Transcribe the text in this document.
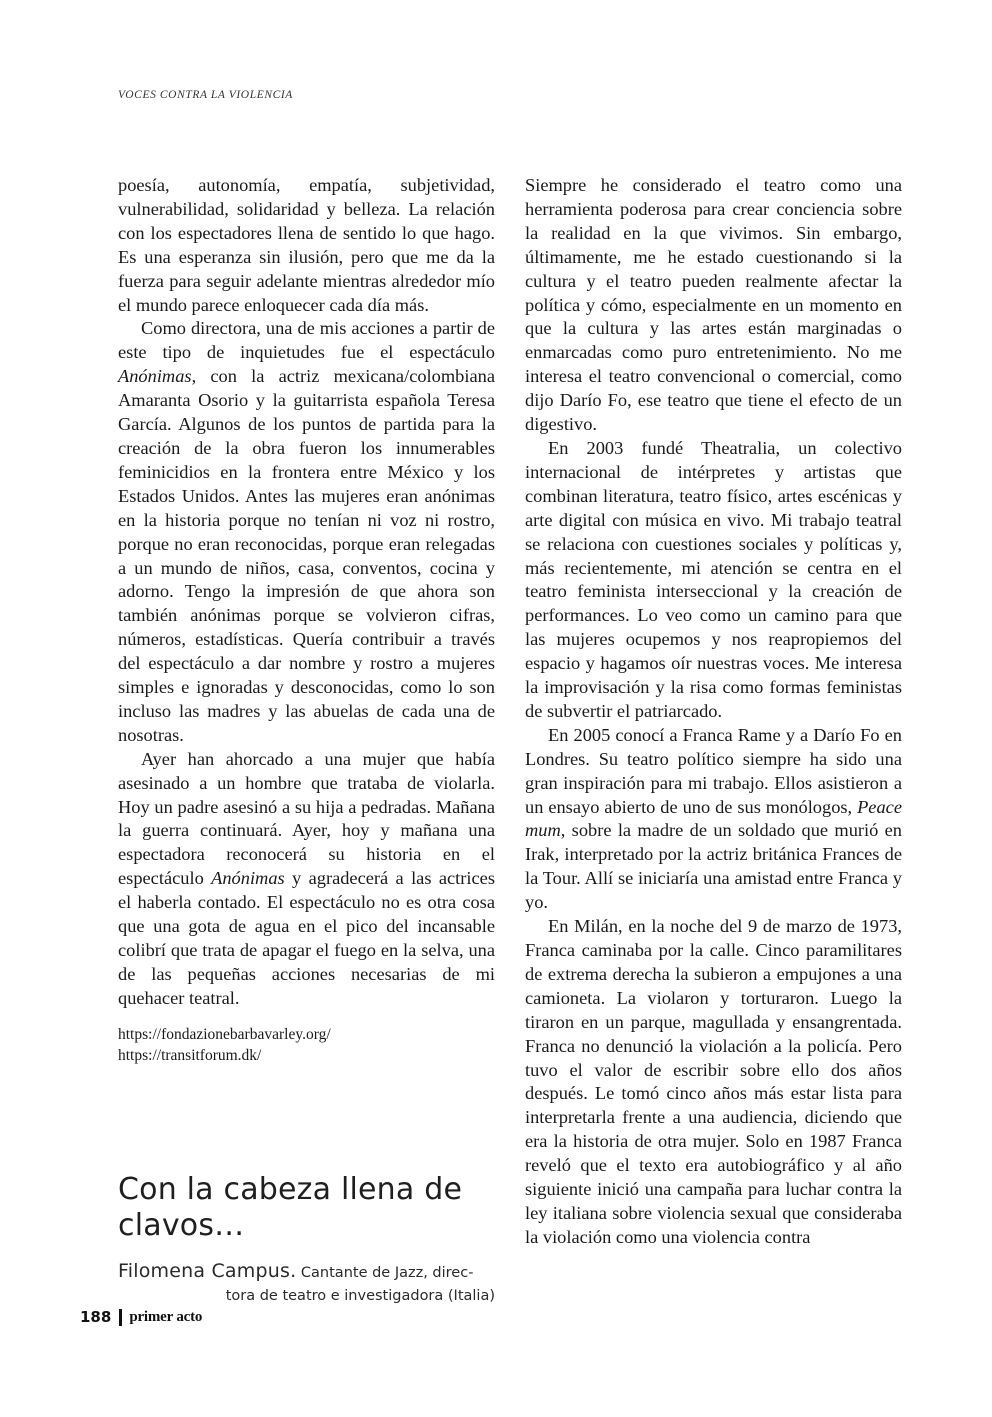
VOCES CONTRA LA VIOLENCIA

poesía, autonomía, empatía, subjetividad, vulnerabilidad, solidaridad y belleza. La relación con los espectadores llena de sentido lo que hago. Es una esperanza sin ilusión, pero que me da la fuerza para seguir adelante mientras alrededor mío el mundo parece enloquecer cada día más.

Como directora, una de mis acciones a partir de este tipo de inquietudes fue el espectáculo Anónimas, con la actriz mexicana/colombiana Amaranta Osorio y la guitarrista española Teresa García. Algunos de los puntos de partida para la creación de la obra fueron los innumerables feminicidios en la frontera entre México y los Estados Unidos. Antes las mujeres eran anónimas en la historia porque no tenían ni voz ni rostro, porque no eran reconocidas, porque eran relegadas a un mundo de niños, casa, conventos, cocina y adorno. Tengo la impresión de que ahora son también anónimas porque se volvieron cifras, números, estadísticas. Quería contribuir a través del espectáculo a dar nombre y rostro a mujeres simples e ignoradas y desconocidas, como lo son incluso las madres y las abuelas de cada una de nosotras.

Ayer han ahorcado a una mujer que había asesinado a un hombre que trataba de violarla. Hoy un padre asesinó a su hija a pedradas. Mañana la guerra continuará. Ayer, hoy y mañana una espectadora reconocerá su historia en el espectáculo Anónimas y agradecerá a las actrices el haberla contado. El espectáculo no es otra cosa que una gota de agua en el pico del incansable colibrí que trata de apagar el fuego en la selva, una de las pequeñas acciones necesarias de mi quehacer teatral.

https://fondazionebarbavarley.org/
https://transitforum.dk/

Con la cabeza llena de clavos…
Filomena Campus. Cantante de Jazz, direc-
tora de teatro e investigadora (Italia)

Siempre he considerado el teatro como una herramienta poderosa para crear conciencia sobre la realidad en la que vivimos. Sin embargo, últimamente, me he estado cuestionando si la cultura y el teatro pueden realmente afectar la política y cómo, especialmente en un momento en que la cultura y las artes están marginadas o enmarcadas como puro entretenimiento. No me interesa el teatro convencional o comercial, como dijo Darío Fo, ese teatro que tiene el efecto de un digestivo.

En 2003 fundé Theatralia, un colectivo internacional de intérpretes y artistas que combinan literatura, teatro físico, artes escénicas y arte digital con música en vivo. Mi trabajo teatral se relaciona con cuestiones sociales y políticas y, más recientemente, mi atención se centra en el teatro feminista interseccional y la creación de performances. Lo veo como un camino para que las mujeres ocupemos y nos reapropiemos del espacio y hagamos oír nuestras voces. Me interesa la improvisación y la risa como formas feministas de subvertir el patriarcado.

En 2005 conocí a Franca Rame y a Darío Fo en Londres. Su teatro político siempre ha sido una gran inspiración para mi trabajo. Ellos asistieron a un ensayo abierto de uno de sus monólogos, Peace mum, sobre la madre de un soldado que murió en Irak, interpretado por la actriz británica Frances de la Tour. Allí se iniciaría una amistad entre Franca y yo.

En Milán, en la noche del 9 de marzo de 1973, Franca caminaba por la calle. Cinco paramilitares de extrema derecha la subieron a empujones a una camioneta. La violaron y torturaron. Luego la tiraron en un parque, magullada y ensangrentada. Franca no denunció la violación a la policía. Pero tuvo el valor de escribir sobre ello dos años después. Le tomó cinco años más estar lista para interpretarla frente a una audiencia, diciendo que era la historia de otra mujer. Solo en 1987 Franca reveló que el texto era autobiográfico y al año siguiente inició una campaña para luchar contra la ley italiana sobre violencia sexual que consideraba la violación como una violencia contra

188 primer acto
